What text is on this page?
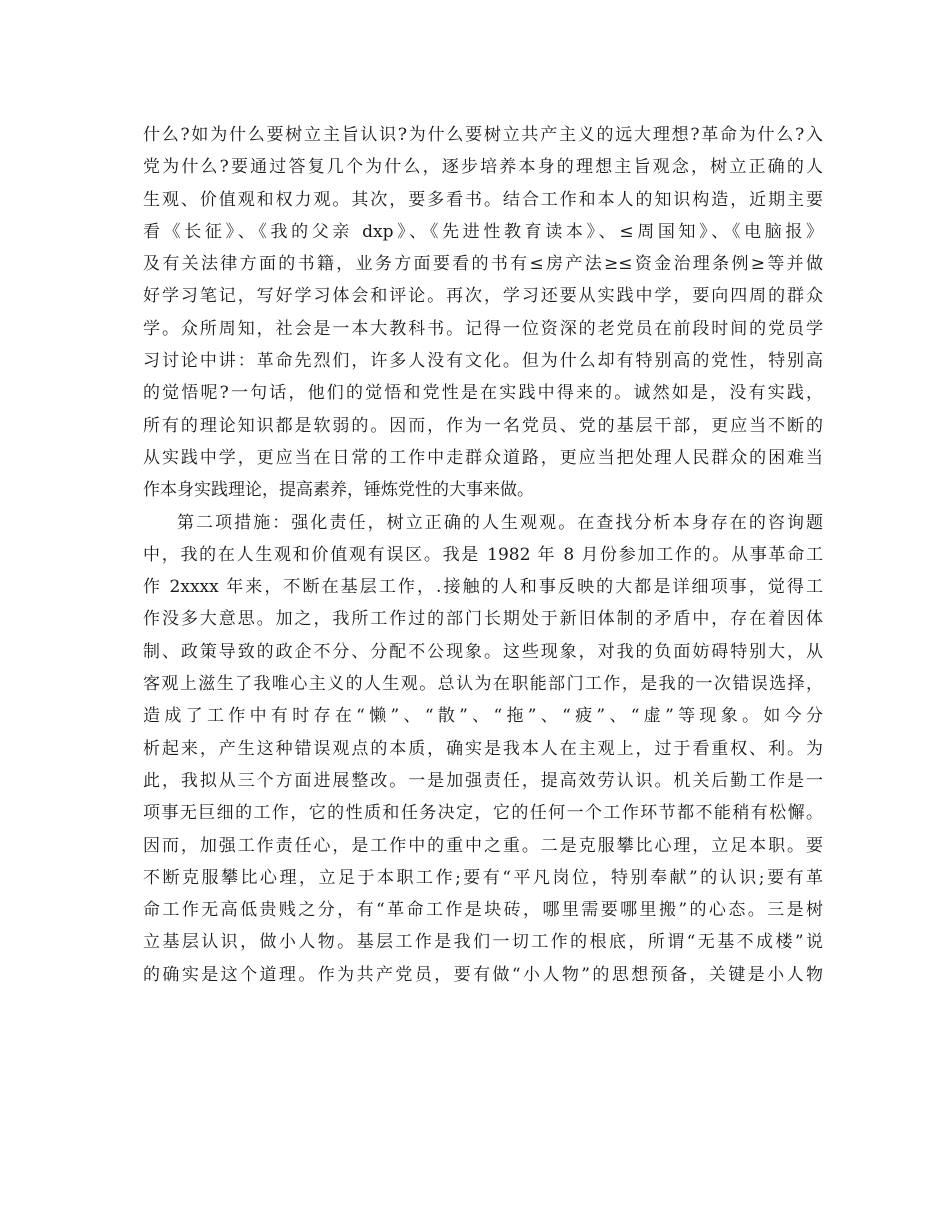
什么?如为什么要树立主旨认识?为什么要树立共产主义的远大理想?革命为什么?入
党为什么?要通过答复几个为什么，逐步培养本身的理想主旨观念，树立正确的人
生观、价值观和权力观。其次，要多看书。结合工作和本人的知识构造，近期主要
看《长征》、《我的父亲 dxp》、《先进性教育读本》、≤周国知》、《电脑报》
及有关法律方面的书籍，业务方面要看的书有≤房产法≥≤资金治理条例≥等并做
好学习笔记，写好学习体会和评论。再次，学习还要从实践中学，要向四周的群众
学。众所周知，社会是一本大教科书。记得一位资深的老党员在前段时间的党员学
习讨论中讲：革命先烈们，许多人没有文化。但为什么却有特别高的党性，特别高
的觉悟呢?一句话，他们的觉悟和党性是在实践中得来的。诚然如是，没有实践，
所有的理论知识都是软弱的。因而，作为一名党员、党的基层干部，更应当不断的
从实践中学，更应当在日常的工作中走群众道路，更应当把处理人民群众的困难当
作本身实践理论，提高素养，锤炼党性的大事来做。
第二项措施：强化责任，树立正确的人生观观。在查找分析本身存在的咨询题
中，我的在人生观和价值观有误区。我是 1982 年 8 月份参加工作的。从事革命工
作 2xxxx 年来，不断在基层工作，.接触的人和事反映的大都是详细项事，觉得工
作没多大意思。加之，我所工作过的部门长期处于新旧体制的矛盾中，存在着因体
制、政策导致的政企不分、分配不公现象。这些现象，对我的负面妨碍特别大，从
客观上滋生了我唯心主义的人生观。总认为在职能部门工作，是我的一次错误选择，
造成了工作中有时存在“懒”、“散”、“拖”、“疲”、“虚”等现象。如今分
析起来，产生这种错误观点的本质，确实是我本人在主观上，过于看重权、利。为
此，我拟从三个方面进展整改。一是加强责任，提高效劳认识。机关后勤工作是一
项事无巨细的工作，它的性质和任务决定，它的任何一个工作环节都不能稍有松懈。
因而，加强工作责任心，是工作中的重中之重。二是克服攀比心理，立足本职。要
不断克服攀比心理，立足于本职工作;要有“平凡岗位，特别奉献”的认识;要有革
命工作无高低贵贱之分，有“革命工作是块砖，哪里需要哪里搬”的心态。三是树
立基层认识，做小人物。基层工作是我们一切工作的根底，所谓“无基不成楼”说
的确实是这个道理。作为共产党员，要有做“小人物”的思想预备，关键是小人物
